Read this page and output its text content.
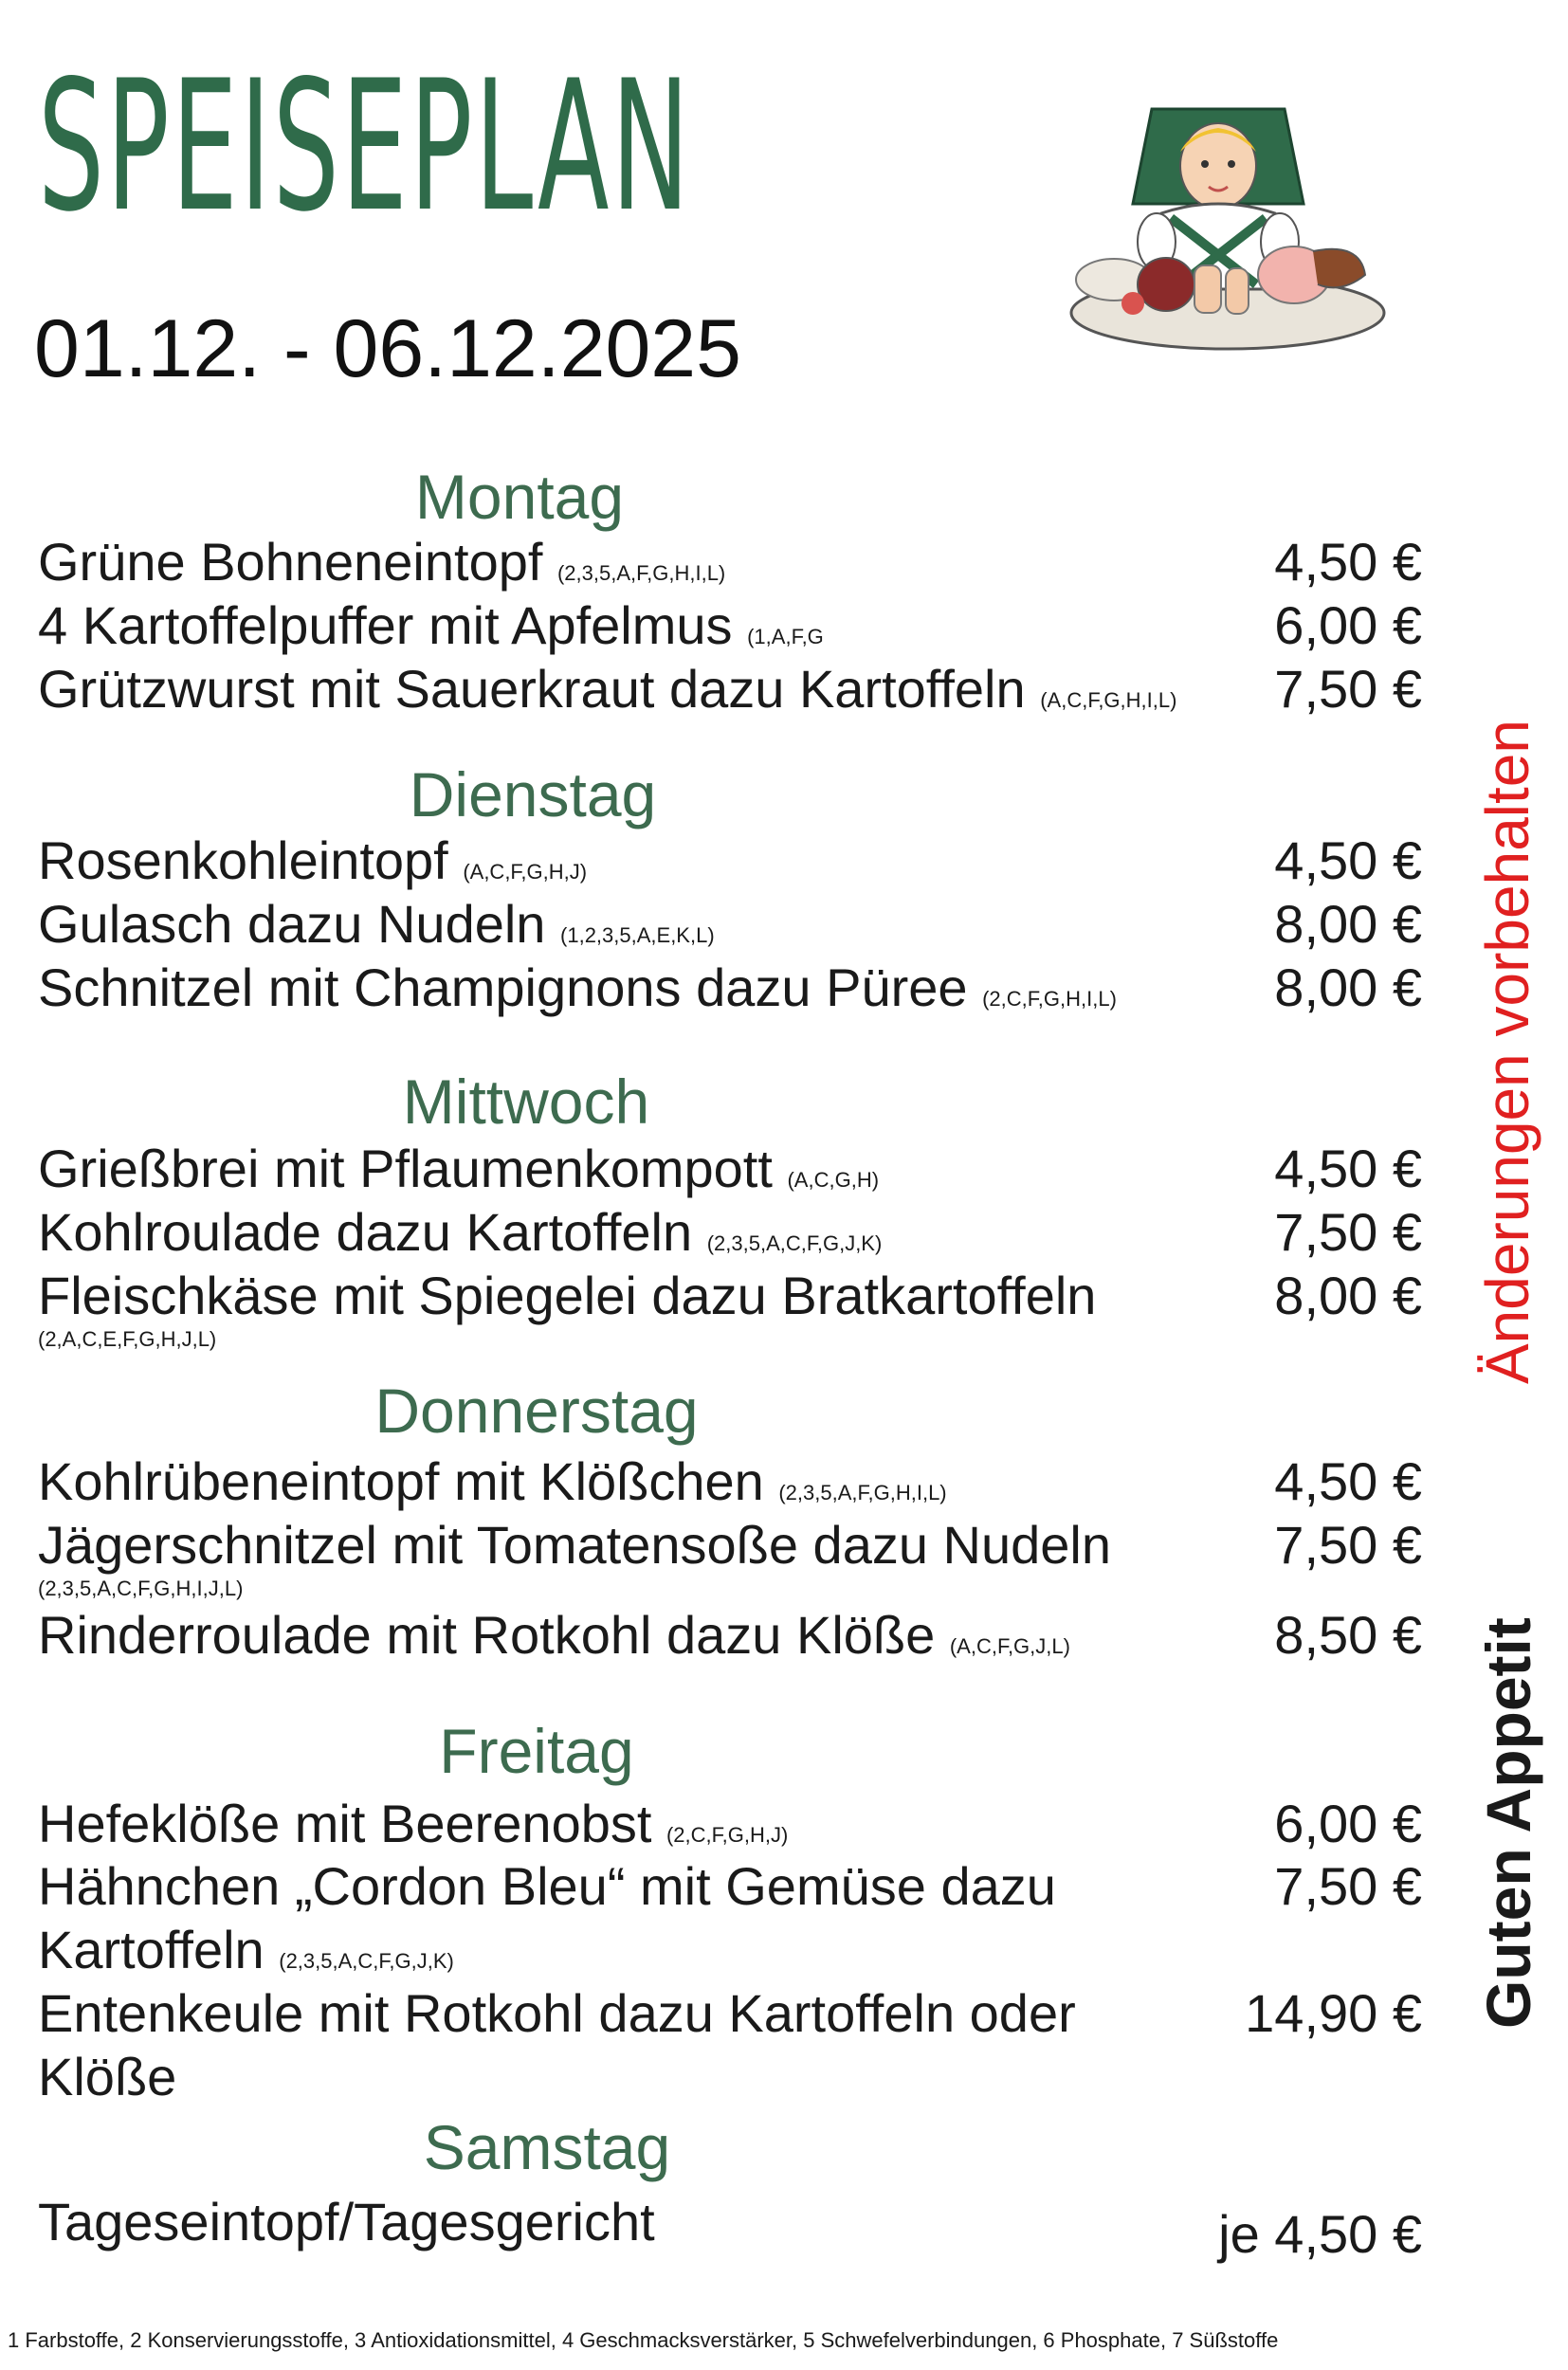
SPEISEPLAN
01.12. - 06.12.2025
Montag
Grüne Bohneneintopf (2,3,5,A,F,G,H,I,L)	4,50 €
4 Kartoffelpuffer mit Apfelmus (1,A,F,G	6,00 €
Grützwurst mit Sauerkraut dazu Kartoffeln (A,C,F,G,H,I,L) 7,50 €
Dienstag
Rosenkohleintopf (A,C,F,G,H,J)	4,50 €
Gulasch dazu Nudeln (1,2,3,5,A,E,K,L)	8,00 €
Schnitzel mit Champignons dazu Püree (2,C,F,G,H,I,L)	8,00 €
Mittwoch
Grießbrei mit Pflaumenkompott (A,C,G,H)	4,50 €
Kohlroulade dazu Kartoffeln (2,3,5,A,C,F,G,J,K)	7,50 €
Fleischkäse mit Spiegelei dazu Bratkartoffeln
(2,A,C,E,F,G,H,J,L)
8,00 €
Donnerstag
Kohlrübeneintopf mit Klößchen (2,3,5,A,F,G,H,I,L)	4,50 €
Jägerschnitzel mit Tomatensoße dazu Nudeln
(2,3,5,A,C,F,G,H,I,J,L)
7,50 €
Rinderroulade mit Rotkohl dazu Klöße (A,C,F,G,J,L)	8,50 €
Freitag
Hefeklöße mit Beerenobst (2,C,F,G,H,J)	6,00 €
Hähnchen „Cordon Bleu“ mit Gemüse dazu
Kartoffeln (2,3,5,A,C,F,G,J,K)
7,50 €
Entenkeule mit Rotkohl dazu Kartoffeln oder
Klöße
14,90 €
Samstag
Tageseintopf/Tagesgericht	je 4,50 €
Änderungen vorbehalten
Guten Appetit
1 Farbstoffe, 2 Konservierungsstoffe, 3 Antioxidationsmittel, 4 Geschmacksverstärker, 5 Schwefelverbindungen, 6 Phosphate, 7 Süßstoffe
